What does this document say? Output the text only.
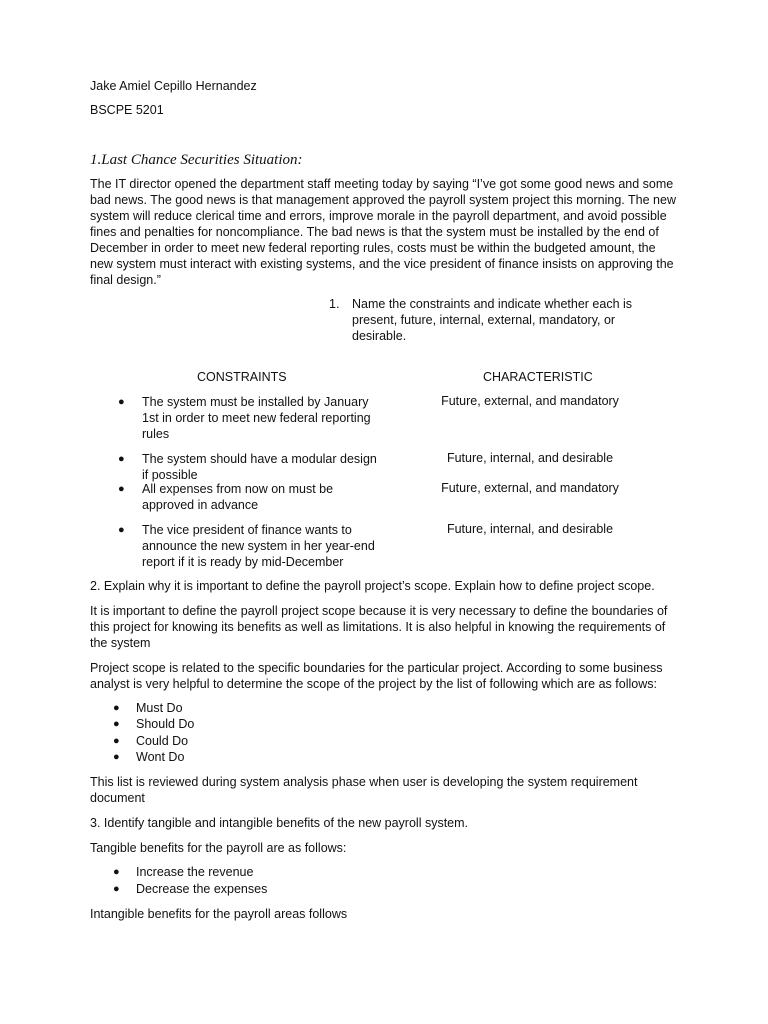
Jake Amiel Cepillo Hernandez
BSCPE 5201
1.Last Chance Securities Situation:
The IT director opened the department staff meeting today by saying “I’ve got some good news and some bad news. The good news is that management approved the payroll system project this morning. The new system will reduce clerical time and errors, improve morale in the payroll department, and avoid possible fines and penalties for noncompliance. The bad news is that the system must be installed by the end of December in order to meet new federal reporting rules, costs must be within the budgeted amount, the new system must interact with existing systems, and the vice president of finance insists on approving the final design.”
1. Name the constraints and indicate whether each is present, future, internal, external, mandatory, or desirable.
CONSTRAINTS	CHARACTERISTIC
● The system must be installed by January 1st in order to meet new federal reporting rules
Future, external, and mandatory
● The system should have a modular design if possible
Future, internal, and desirable
● All expenses from now on must be approved in advance
Future, external, and mandatory
● The vice president of finance wants to announce the new system in her year-end report if it is ready by mid-December
Future, internal, and desirable
2. Explain why it is important to define the payroll project’s scope. Explain how to define project scope.
It is important to define the payroll project scope because it is very necessary to define the boundaries of this project for knowing its benefits as well as limitations. It is also helpful in knowing the requirements of the system
Project scope is related to the specific boundaries for the particular project. According to some business analyst is very helpful to determine the scope of the project by the list of following which are as follows:
● Must Do
● Should Do
● Could Do
● Wont Do
This list is reviewed during system analysis phase when user is developing the system requirement document
3. Identify tangible and intangible benefits of the new payroll system.
Tangible benefits for the payroll are as follows:
● Increase the revenue
● Decrease the expenses
Intangible benefits for the payroll areas follows
